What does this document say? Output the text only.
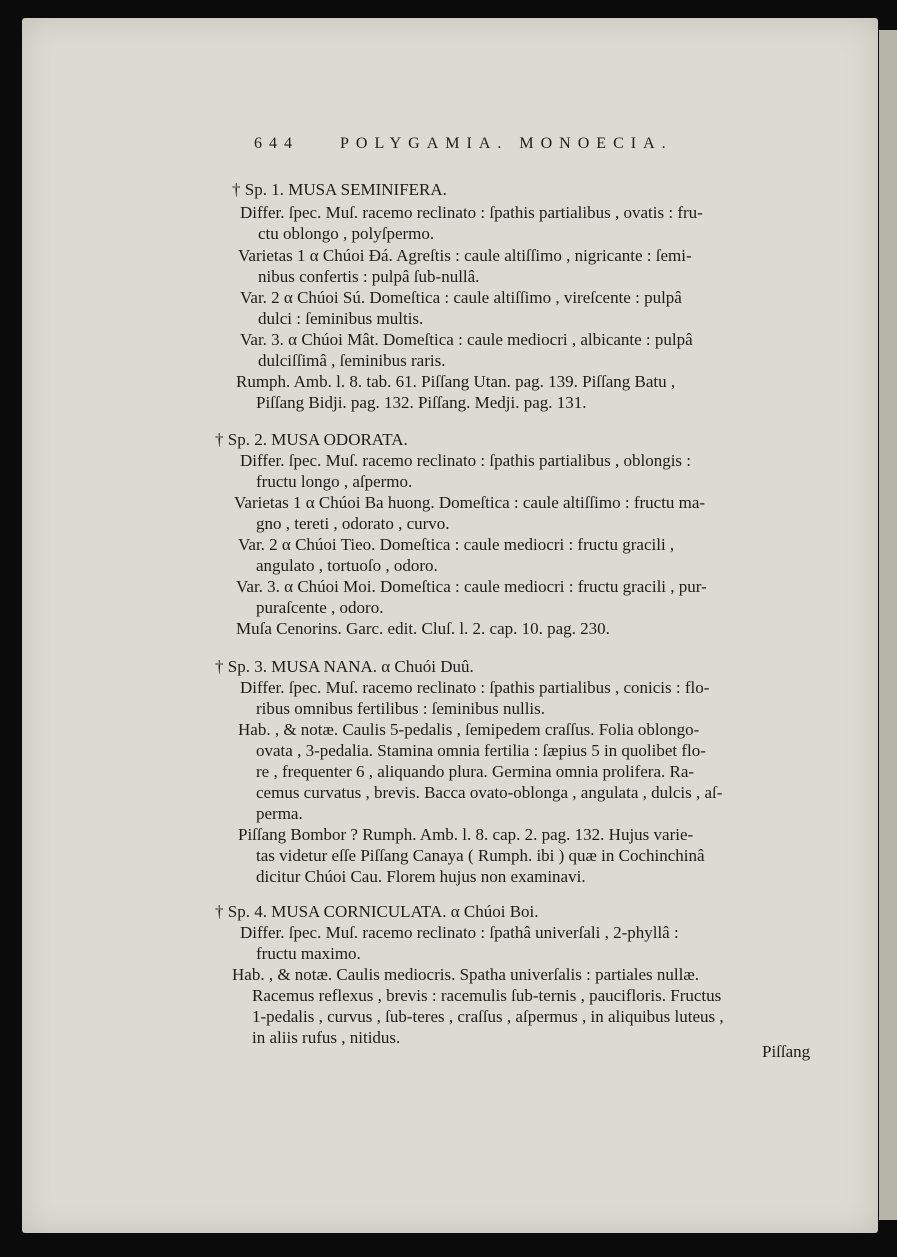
644	POLYGAMIA. MONOECIA.
† Sp. 1. MUSA SEMINIFERA.
Differ. ſpec. Muſ. racemo reclinato : ſpathis partialibus , ovatis : fru-
ctu oblongo , polyſpermo.
Varietas 1 α Chúoi Đá. Agreſtis : caule altiſſimo , nigricante : ſemi-
nibus confertis : pulpâ ſub-nullâ.
Var. 2 α Chúoi Sú. Domeſtica : caule altiſſimo , vireſcente : pulpâ
dulci : ſeminibus multis.
Var. 3. α Chúoi Mât. Domeſtica : caule mediocri , albicante : pulpâ
dulciſſimâ , ſeminibus raris.
Rumph. Amb. l. 8. tab. 61. Piſſang Utan. pag. 139. Piſſang Batu ,
Piſſang Bidji. pag. 132. Piſſang. Medji. pag. 131.
† Sp. 2. MUSA ODORATA.
Differ. ſpec. Muſ. racemo reclinato : ſpathis partialibus , oblongis :
fructu longo , aſpermo.
Varietas 1 α Chúoi Ba huong. Domeſtica : caule altiſſimo : fructu ma-
gno , tereti , odorato , curvo.
Var. 2 α Chúoi Tieo. Domeſtica : caule mediocri : fructu gracili ,
angulato , tortuoſo , odoro.
Var. 3. α Chúoi Moi. Domeſtica : caule mediocri : fructu gracili , pur-
puraſcente , odoro.
Muſa Cenorins. Garc. edit. Cluſ. l. 2. cap. 10. pag. 230.
† Sp. 3. MUSA NANA. α Chuói Duû.
Differ. ſpec. Muſ. racemo reclinato : ſpathis partialibus , conicis : flo-
ribus omnibus fertilibus : ſeminibus nullis.
Hab. , & notæ. Caulis 5-pedalis , ſemipedem craſſus. Folia oblongo-
ovata , 3-pedalia. Stamina omnia fertilia : ſæpius 5 in quolibet flo-
re , frequenter 6 , aliquando plura. Germina omnia prolifera. Ra-
cemus curvatus , brevis. Bacca ovato-oblonga , angulata , dulcis , aſ-
perma.
Piſſang Bombor ? Rumph. Amb. l. 8. cap. 2. pag. 132. Hujus varie-
tas videtur eſſe Piſſang Canaya ( Rumph. ibi ) quæ in Cochinchinâ
dicitur Chúoi Cau. Florem hujus non examinavi.
† Sp. 4. MUSA CORNICULATA. α Chúoi Boi.
Differ. ſpec. Muſ. racemo reclinato : ſpathâ univerſali , 2-phyllâ :
fructu maximo.
Hab. , & notæ. Caulis mediocris. Spatha univerſalis : partiales nullæ.
Racemus reflexus , brevis : racemulis ſub-ternis , paucifloris. Fructus
1-pedalis , curvus , ſub-teres , craſſus , aſpermus , in aliquibus luteus ,
in aliis rufus , nitidus.
Piſſang
